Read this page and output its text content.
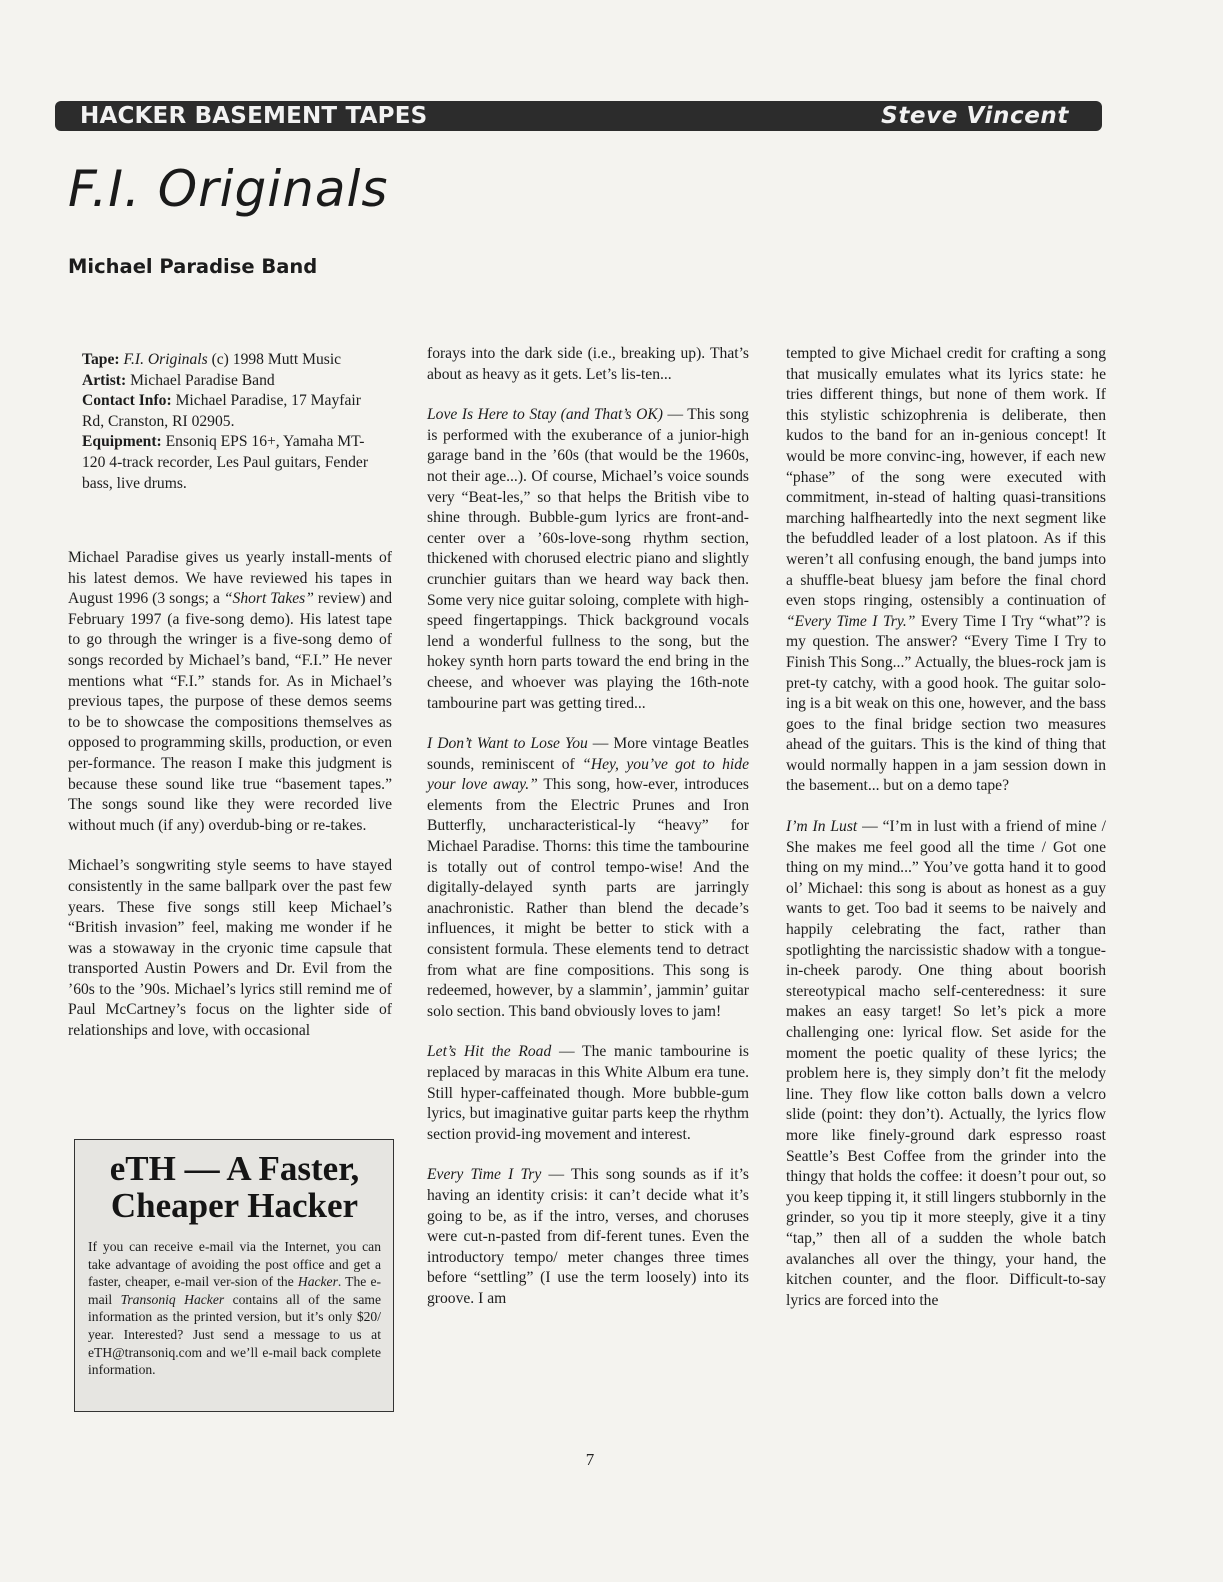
HACKER BASEMENT TAPES	Steve Vincent
F.I. Originals
Michael Paradise Band
Tape: F.I. Originals (c) 1998 Mutt Music
Artist: Michael Paradise Band
Contact Info: Michael Paradise, 17 Mayfair Rd, Cranston, RI 02905.
Equipment: Ensoniq EPS 16+, Yamaha MT-120 4-track recorder, Les Paul guitars, Fender bass, live drums.

Michael Paradise gives us yearly install-ments of his latest demos. We have reviewed his tapes in August 1996 (3 songs; a “Short Takes” review) and February 1997 (a five-song demo). His latest tape to go through the wringer is a five-song demo of songs recorded by Michael’s band, “F.I.” He never mentions what “F.I.” stands for. As in Michael’s previous tapes, the purpose of these demos seems to be to showcase the compositions themselves as opposed to programming skills, production, or even per-formance. The reason I make this judgment is because these sound like true “basement tapes.” The songs sound like they were recorded live without much (if any) overdub-bing or re-takes.

Michael’s songwriting style seems to have stayed consistently in the same ballpark over the past few years. These five songs still keep Michael’s “British invasion” feel, making me wonder if he was a stowaway in the cryonic time capsule that transported Austin Powers and Dr. Evil from the ’60s to the ’90s. Michael’s lyrics still remind me of Paul McCartney’s focus on the lighter side of relationships and love, with occasional

eTH — A Faster, Cheaper Hacker

If you can receive e-mail via the Internet, you can take advantage of avoiding the post office and get a faster, cheaper, e-mail ver-sion of the Hacker. The e-mail Transoniq Hacker contains all of the same information as the printed version, but it’s only $20/ year. Interested? Just send a message to us at eTH@transoniq.com and we’ll e-mail back complete information.

forays into the dark side (i.e., breaking up). That’s about as heavy as it gets. Let’s lis-ten...

Love Is Here to Stay (and That’s OK) — This song is performed with the exuberance of a junior-high garage band in the ’60s (that would be the 1960s, not their age...). Of course, Michael’s voice sounds very “Beat-les,” so that helps the British vibe to shine through. Bubble-gum lyrics are front-and-center over a ’60s-love-song rhythm section, thickened with chorused electric piano and slightly crunchier guitars than we heard way back then. Some very nice guitar soloing, complete with high-speed fingertappings. Thick background vocals lend a wonderful fullness to the song, but the hokey synth horn parts toward the end bring in the cheese, and whoever was playing the 16th-note tambourine part was getting tired...

I Don’t Want to Lose You — More vintage Beatles sounds, reminiscent of “Hey, you’ve got to hide your love away.” This song, how-ever, introduces elements from the Electric Prunes and Iron Butterfly, uncharacteristical-ly “heavy” for Michael Paradise. Thorns: this time the tambourine is totally out of control tempo-wise! And the digitally-delayed synth parts are jarringly anachronistic. Rather than blend the decade’s influences, it might be better to stick with a consistent formula. These elements tend to detract from what are fine compositions. This song is redeemed, however, by a slammin’, jammin’ guitar solo section. This band obviously loves to jam!

Let’s Hit the Road — The manic tambourine is replaced by maracas in this White Album era tune. Still hyper-caffeinated though. More bubble-gum lyrics, but imaginative guitar parts keep the rhythm section provid-ing movement and interest.

Every Time I Try — This song sounds as if it’s having an identity crisis: it can’t decide what it’s going to be, as if the intro, verses, and choruses were cut-n-pasted from dif-ferent tunes. Even the introductory tempo/ meter changes three times before “settling” (I use the term loosely) into its groove. I am

tempted to give Michael credit for crafting a song that musically emulates what its lyrics state: he tries different things, but none of them work. If this stylistic schizophrenia is deliberate, then kudos to the band for an in-genious concept! It would be more convinc-ing, however, if each new “phase” of the song were executed with commitment, in-stead of halting quasi-transitions marching halfheartedly into the next segment like the befuddled leader of a lost platoon. As if this weren’t all confusing enough, the band jumps into a shuffle-beat bluesy jam before the final chord even stops ringing, ostensibly a continuation of “Every Time I Try.” Every Time I Try “what”? is my question. The answer? “Every Time I Try to Finish This Song...” Actually, the blues-rock jam is pret-ty catchy, with a good hook. The guitar solo-ing is a bit weak on this one, however, and the bass goes to the final bridge section two measures ahead of the guitars. This is the kind of thing that would normally happen in a jam session down in the basement... but on a demo tape?

I’m In Lust — “I’m in lust with a friend of mine / She makes me feel good all the time / Got one thing on my mind...” You’ve gotta hand it to good ol’ Michael: this song is about as honest as a guy wants to get. Too bad it seems to be naively and happily celebrating the fact, rather than spotlighting the narcissistic shadow with a tongue-in-cheek parody. One thing about boorish stereotypical macho self-centeredness: it sure makes an easy target! So let’s pick a more challenging one: lyrical flow. Set aside for the moment the poetic quality of these lyrics; the problem here is, they simply don’t fit the melody line. They flow like cotton balls down a velcro slide (point: they don’t). Actually, the lyrics flow more like finely-ground dark espresso roast Seattle’s Best Coffee from the grinder into the thingy that holds the coffee: it doesn’t pour out, so you keep tipping it, it still lingers stubbornly in the grinder, so you tip it more steeply, give it a tiny “tap,” then all of a sudden the whole batch avalanches all over the thingy, your hand, the kitchen counter, and the floor. Difficult-to-say lyrics are forced into the

7
